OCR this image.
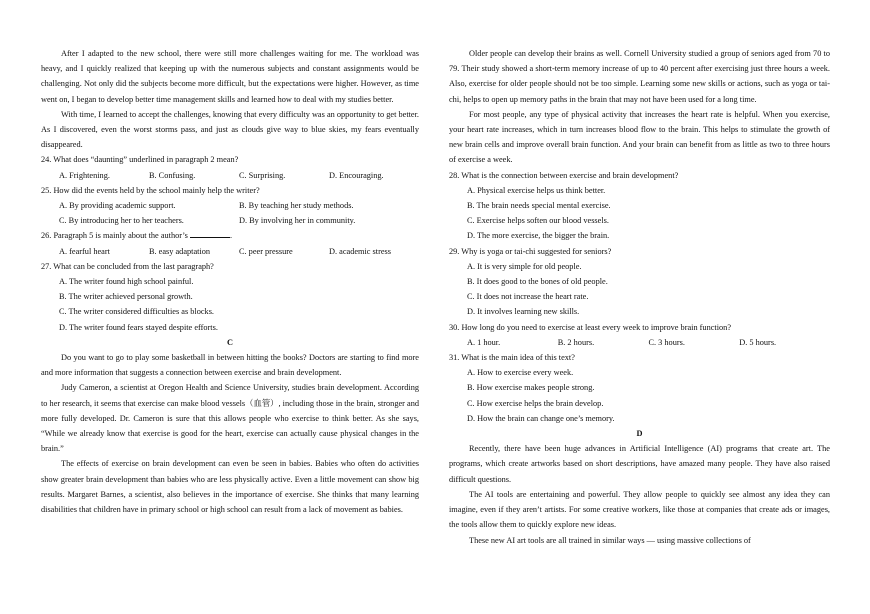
After I adapted to the new school, there were still more challenges waiting for me. The workload was heavy, and I quickly realized that keeping up with the numerous subjects and constant assignments would be challenging. Not only did the subjects become more difficult, but the expectations were higher. However, as time went on, I began to develop better time management skills and learned how to deal with my studies better.

With time, I learned to accept the challenges, knowing that every difficulty was an opportunity to get better. As I discovered, even the worst storms pass, and just as clouds give way to blue skies, my fears eventually disappeared.

24. What does “daunting” underlined in paragraph 2 mean?

A. Frightening.	B. Confusing.	C. Surprising.	D. Encouraging.

25. How did the events held by the school mainly help the writer?

A. By providing academic support.	B. By teaching her study methods.
C. By introducing her to her teachers.	D. By involving her in community.

26. Paragraph 5 is mainly about the author’s	.

A. fearful heart	B. easy adaptation	C. peer pressure	D. academic stress

27. What can be concluded from the last paragraph?

A. The writer found high school painful.

B. The writer achieved personal growth.

C. The writer considered difficulties as blocks.

D. The writer found fears stayed despite efforts.

C

Do you want to go to play some basketball in between hitting the books? Doctors are starting to find more and more information that suggests a connection between exercise and brain development.

Judy Cameron, a scientist at Oregon Health and Science University, studies brain development. According to her research, it seems that exercise can make blood vessels（血管）, including those in the brain, stronger and more fully developed. Dr. Cameron is sure that this allows people who exercise to think better. As she says, “While we already know that exercise is good for the heart, exercise can actually cause physical changes in the brain.”

The effects of exercise on brain development can even be seen in babies. Babies who often do activities show greater brain development than babies who are less physically active. Even a little movement can show big results. Margaret Barnes, a scientist, also believes in the importance of exercise. She thinks that many learning disabilities that children have in primary school or high school can result from a lack of movement as babies.

Older people can develop their brains as well. Cornell University studied a group of seniors aged from 70 to 79. Their study showed a short-term memory increase of up to 40 percent after exercising just three hours a week. Also, exercise for older people should not be too simple. Learning some new skills or actions, such as yoga or tai-chi, helps to open up memory paths in the brain that may not have been used for a long time.

For most people, any type of physical activity that increases the heart rate is helpful. When you exercise, your heart rate increases, which in turn increases blood flow to the brain. This helps to stimulate the growth of new brain cells and improve overall brain function. And your brain can benefit from as little as two to three hours of exercise a week.

28. What is the connection between exercise and brain development?

A. Physical exercise helps us think better.

B. The brain needs special mental exercise.

C. Exercise helps soften our blood vessels.

D. The more exercise, the bigger the brain.

29. Why is yoga or tai-chi suggested for seniors?

A. It is very simple for old people.

B. It does good to the bones of old people.

C. It does not increase the heart rate.

D. It involves learning new skills.

30. How long do you need to exercise at least every week to improve brain function?

A. 1 hour.	B. 2 hours.	C. 3 hours.	D. 5 hours.

31. What is the main idea of this text?

A. How to exercise every week.

B. How exercise makes people strong.

C. How exercise helps the brain develop.

D. How the brain can change one’s memory.

D

Recently, there have been huge advances in Artificial Intelligence (AI) programs that create art. The programs, which create artworks based on short descriptions, have amazed many people. They have also raised difficult questions.

The AI tools are entertaining and powerful. They allow people to quickly see almost any idea they can imagine, even if they aren’t artists. For some creative workers, like those at companies that create ads or images, the tools allow them to quickly explore new ideas.

These new AI art tools are all trained in similar ways — using massive collections of
